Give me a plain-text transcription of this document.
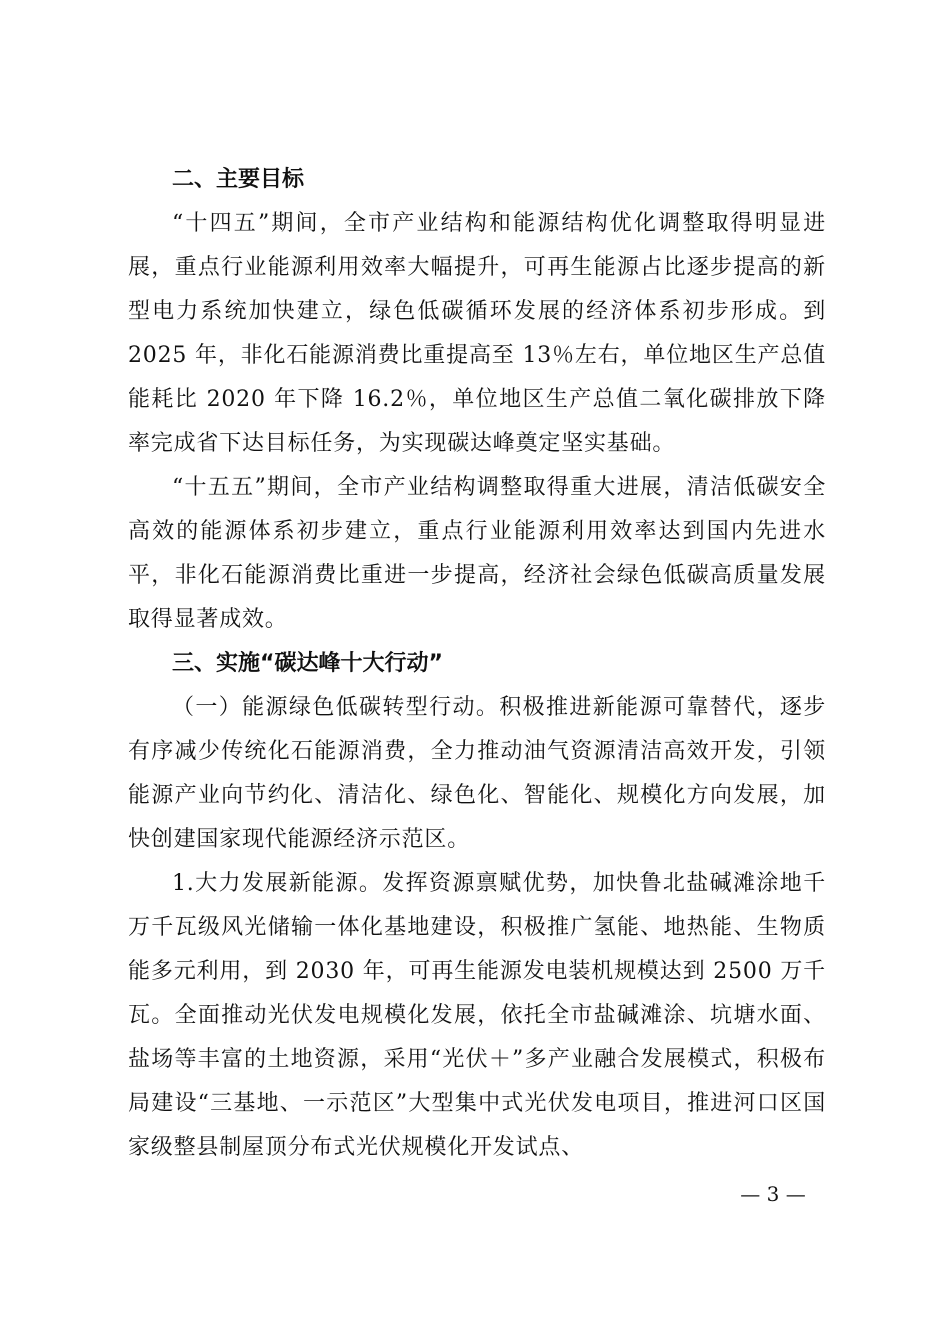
二、主要目标

“十四五”期间，全市产业结构和能源结构优化调整取得明显进展，重点行业能源利用效率大幅提升，可再生能源占比逐步提高的新型电力系统加快建立，绿色低碳循环发展的经济体系初步形成。到 2025 年，非化石能源消费比重提高至 13％左右，单位地区生产总值能耗比 2020 年下降 16.2％，单位地区生产总值二氧化碳排放下降率完成省下达目标任务，为实现碳达峰奠定坚实基础。

“十五五”期间，全市产业结构调整取得重大进展，清洁低碳安全高效的能源体系初步建立，重点行业能源利用效率达到国内先进水平，非化石能源消费比重进一步提高，经济社会绿色低碳高质量发展取得显著成效。

三、实施“碳达峰十大行动”

（一）能源绿色低碳转型行动。积极推进新能源可靠替代，逐步有序减少传统化石能源消费，全力推动油气资源清洁高效开发，引领能源产业向节约化、清洁化、绿色化、智能化、规模化方向发展，加快创建国家现代能源经济示范区。

1.大力发展新能源。发挥资源禀赋优势，加快鲁北盐碱滩涂地千万千瓦级风光储输一体化基地建设，积极推广氢能、地热能、生物质能多元利用，到 2030 年，可再生能源发电装机规模达到 2500 万千瓦。全面推动光伏发电规模化发展，依托全市盐碱滩涂、坑塘水面、盐场等丰富的土地资源，采用“光伏＋”多产业融合发展模式，积极布局建设“三基地、一示范区”大型集中式光伏发电项目，推进河口区国家级整县制屋顶分布式光伏规模化开发试点、

— 3 —
